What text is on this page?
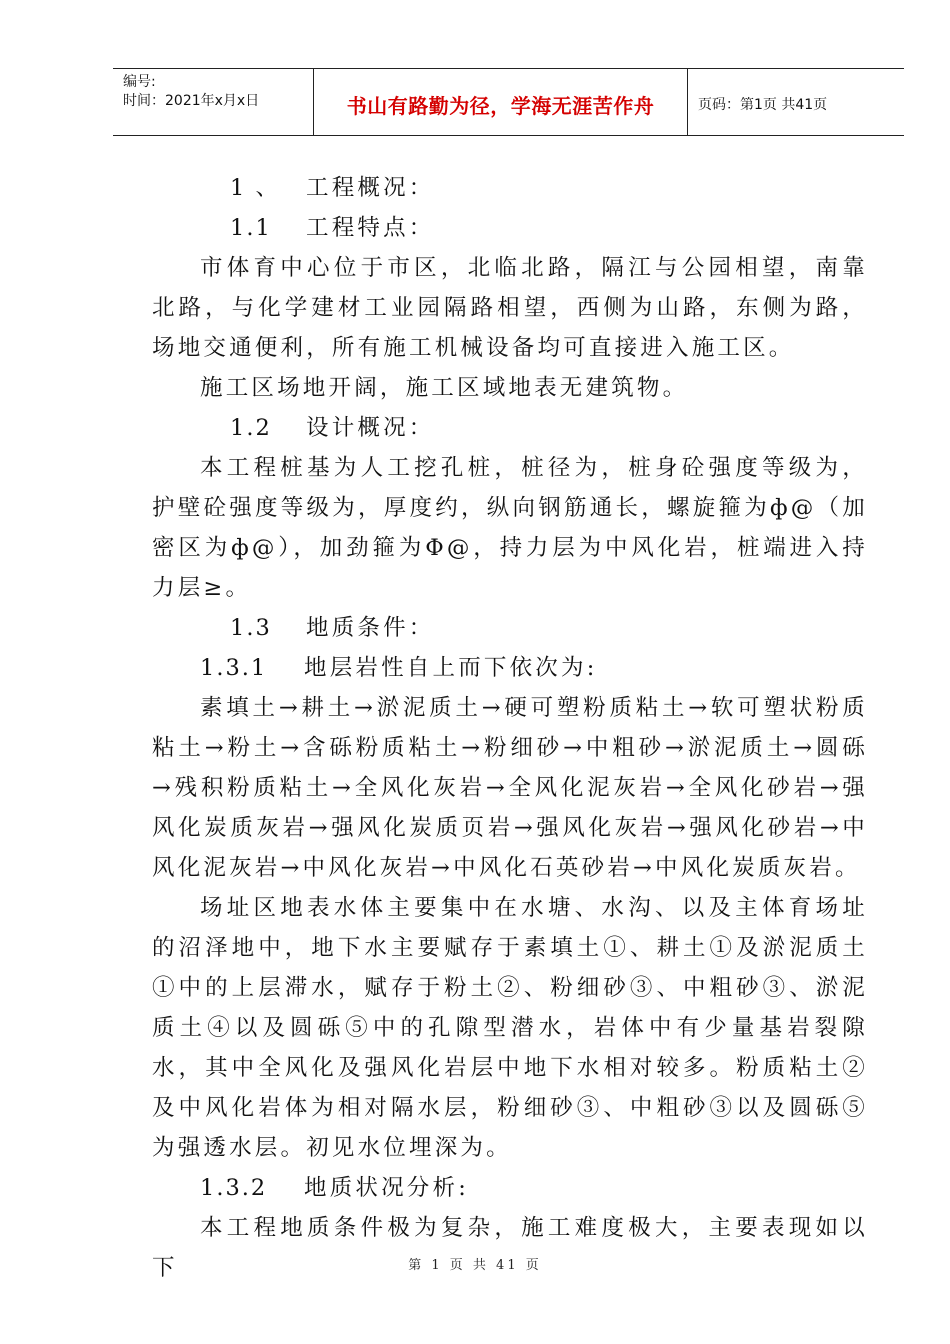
编号:
时间：2021年x月x日	书山有路勤为径，学海无涯苦作舟	页码：第1页 共41页

1 、 工程概况：

1.1 工程特点：

市体育中心位于市区，北临北路，隔江与公园相望，南靠北路，与化学建材工业园隔路相望，西侧为山路，东侧为路，场地交通便利，所有施工机械设备均可直接进入施工区。

施工区场地开阔，施工区域地表无建筑物。

1.2 设计概况：

本工程桩基为人工挖孔桩，桩径为，桩身砼强度等级为，护壁砼强度等级为，厚度约，纵向钢筋通长，螺旋箍为ф@（加密区为ф@），加劲箍为Φ@，持力层为中风化岩，桩端进入持力层≥。

1.3 地质条件：

1.3.1 地层岩性自上而下依次为:

素填土→耕土→淤泥质土→硬可塑粉质粘土→软可塑状粉质粘土→粉土→含砾粉质粘土→粉细砂→中粗砂→淤泥质土→圆砾→残积粉质粘土→全风化灰岩→全风化泥灰岩→全风化砂岩→强风化炭质灰岩→强风化炭质页岩→强风化灰岩→强风化砂岩→中风化泥灰岩→中风化灰岩→中风化石英砂岩→中风化炭质灰岩。

场址区地表水体主要集中在水塘、水沟、以及主体育场址的沼泽地中，地下水主要赋存于素填土①、耕土①及淤泥质土①中的上层滞水，赋存于粉土②、粉细砂③、中粗砂③、淤泥质土④以及圆砾⑤中的孔隙型潜水，岩体中有少量基岩裂隙水，其中全风化及强风化岩层中地下水相对较多。粉质粘土②及中风化岩体为相对隔水层，粉细砂③、中粗砂③以及圆砾⑤为强透水层。初见水位埋深为。

1.3.2 地质状况分析:

本工程地质条件极为复杂，施工难度极大，主要表现如以下	第 1 页 共 41 页
